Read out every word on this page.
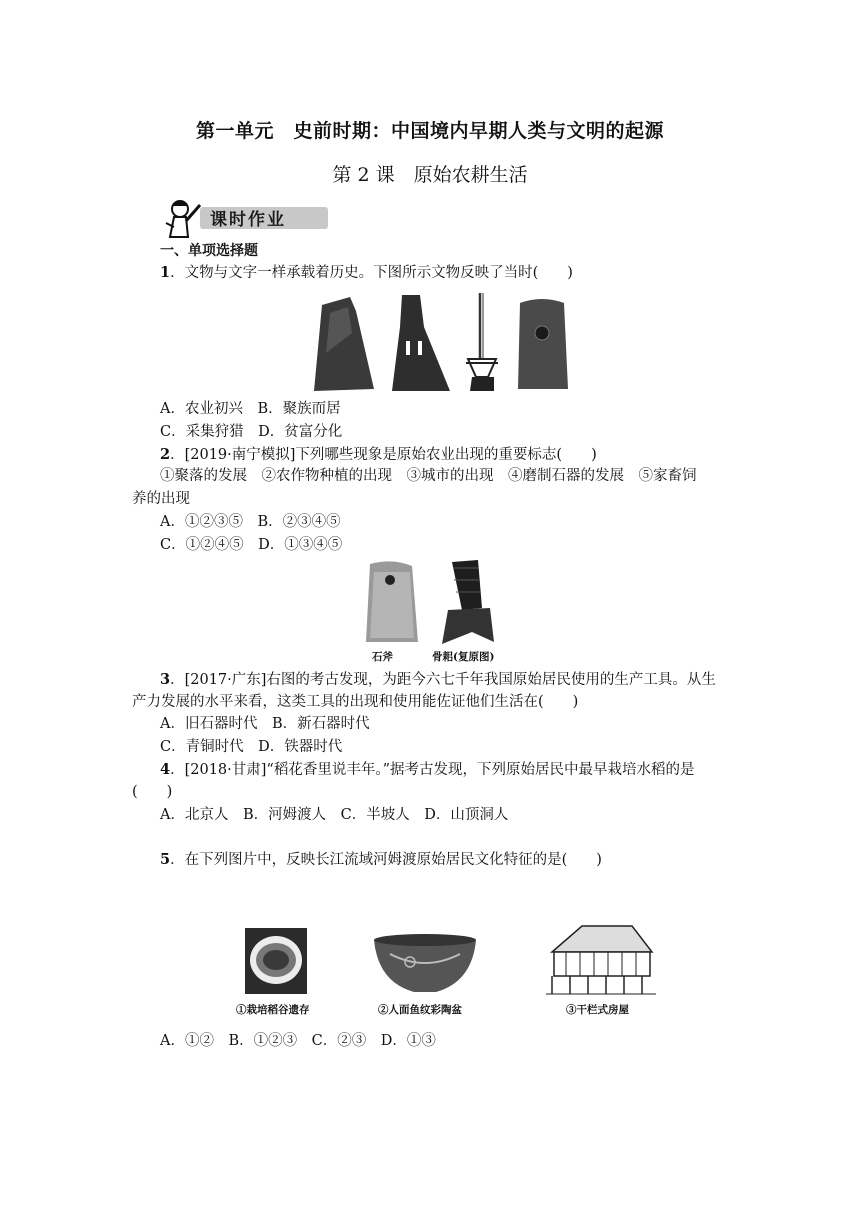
第一单元　史前时期：中国境内早期人类与文明的起源
第 2 课　原始农耕生活
课时作业
一、单项选择题
1．文物与文字一样承载着历史。下图所示文物反映了当时(　　)
A．农业初兴　B．聚族而居
C．采集狩猎　D．贫富分化
2．[2019·南宁模拟]下列哪些现象是原始农业出现的重要标志(　　)
①聚落的发展　②农作物种植的出现　③城市的出现　④磨制石器的发展　⑤家畜饲
养的出现
A．①②③⑤　B．②③④⑤
C．①②④⑤　D．①③④⑤
石斧	骨耜(复原图)
3．[2017·广东]右图的考古发现，为距今六七千年我国原始居民使用的生产工具。从生
产力发展的水平来看，这类工具的出现和使用能佐证他们生活在(　　)
A．旧石器时代　B．新石器时代
C．青铜时代　D．铁器时代
4．[2018·甘肃]“稻花香里说丰年。”据考古发现，下列原始居民中最早栽培水稻的是
(　　)
A．北京人　B．河姆渡人　C．半坡人　D．山顶洞人
5．在下列图片中，反映长江流域河姆渡原始居民文化特征的是(　　)
①栽培稻谷遗存	②人面鱼纹彩陶盆	③干栏式房屋
A．①②　B．①②③　C．②③　D．①③
